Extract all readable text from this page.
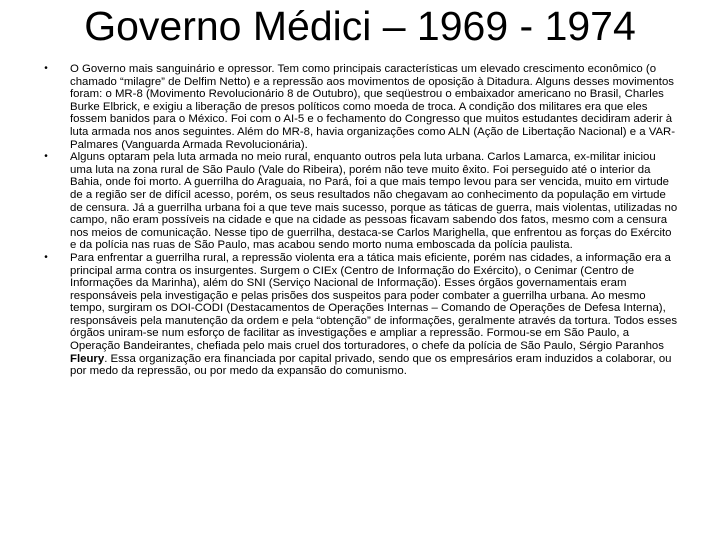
Governo Médici – 1969 - 1974
•	O Governo mais sanguinário e opressor. Tem como principais características um elevado crescimento econômico (o chamado “milagre” de Delfim Netto) e a repressão aos movimentos de oposição à Ditadura. Alguns desses movimentos foram: o MR-8 (Movimento Revolucionário 8 de Outubro), que seqüestrou o embaixador americano no Brasil, Charles Burke Elbrick, e exigiu a liberação de presos políticos como moeda de troca. A condição dos militares era que eles fossem banidos para o México. Foi com o AI-5 e o fechamento do Congresso que muitos estudantes decidiram aderir à luta armada nos anos seguintes. Além do MR-8, havia organizações como ALN (Ação de Libertação Nacional) e a VAR-Palmares (Vanguarda Armada Revolucionária).
•	Alguns optaram pela luta armada no meio rural, enquanto outros pela luta urbana. Carlos Lamarca, ex-militar iniciou uma luta na zona rural de São Paulo (Vale do Ribeira), porém não teve muito êxito. Foi perseguido até o interior da Bahia, onde foi morto. A guerrilha do Araguaia, no Pará, foi a que mais tempo levou para ser vencida, muito em virtude de a região ser de difícil acesso, porém, os seus resultados não chegavam ao conhecimento da população em virtude de censura. Já a guerrilha urbana foi a que teve mais sucesso, porque as táticas de guerra, mais violentas, utilizadas no campo, não eram possíveis na cidade e que na cidade as pessoas ficavam sabendo dos fatos, mesmo com a censura nos meios de comunicação. Nesse tipo de guerrilha, destaca-se Carlos Marighella, que enfrentou as forças do Exército e da polícia nas ruas de São Paulo, mas acabou sendo morto numa emboscada da polícia paulista.
•	Para enfrentar a guerrilha rural, a repressão violenta era a tática mais eficiente, porém nas cidades, a informação era a principal arma contra os insurgentes. Surgem o CIEx (Centro de Informação do Exército), o Cenimar (Centro de Informações da Marinha), além do SNI (Serviço Nacional de Informação). Esses órgãos governamentais eram responsáveis pela investigação e pelas prisões dos suspeitos para poder combater a guerrilha urbana. Ao mesmo tempo, surgiram os DOI-CODI (Destacamentos de Operações Internas – Comando de Operações de Defesa Interna), responsáveis pela manutenção da ordem e pela “obtenção” de informações, geralmente através da tortura. Todos esses órgãos uniram-se num esforço de facilitar as investigações e ampliar a repressão. Formou-se em São Paulo, a Operação Bandeirantes, chefiada pelo mais cruel dos torturadores, o chefe da polícia de São Paulo, Sérgio Paranhos Fleury. Essa organização era financiada por capital privado, sendo que os empresários eram induzidos a colaborar, ou por medo da repressão, ou por medo da expansão do comunismo.
